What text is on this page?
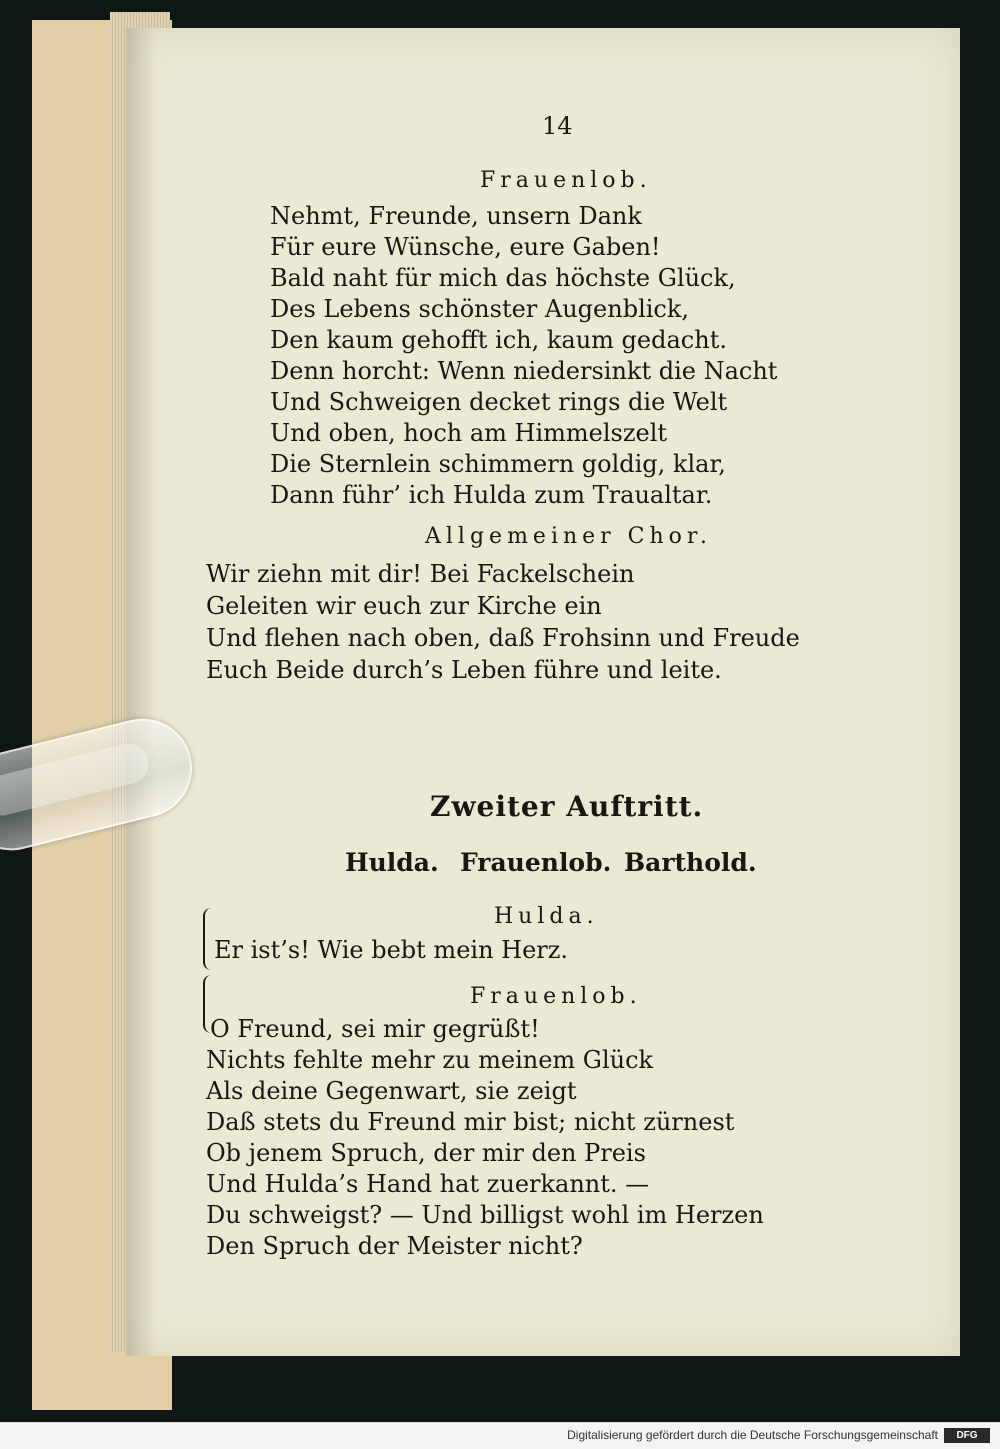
14
Frauenlob.
Nehmt, Freunde, unsern Dank
Für eure Wünsche, eure Gaben!
Bald naht für mich das höchste Glück,
Des Lebens schönster Augenblick,
Den kaum gehofft ich, kaum gedacht.
Denn horcht: Wenn niedersinkt die Nacht
Und Schweigen decket rings die Welt
Und oben, hoch am Himmelszelt
Die Sternlein schimmern goldig, klar,
Dann führ’ ich Hulda zum Traualtar.
Allgemeiner Chor.
Wir ziehn mit dir! Bei Fackelschein
Geleiten wir euch zur Kirche ein
Und flehen nach oben, daß Frohsinn und Freude
Euch Beide durch’s Leben führe und leite.
Zweiter Auftritt.
Hulda. Frauenlob. Barthold.
Hulda.
Er ist’s! Wie bebt mein Herz.
Frauenlob.
O Freund, sei mir gegrüßt!
Nichts fehlte mehr zu meinem Glück
Als deine Gegenwart, sie zeigt
Daß stets du Freund mir bist; nicht zürnest
Ob jenem Spruch, der mir den Preis
Und Hulda’s Hand hat zuerkannt. —
Du schweigst? — Und billigst wohl im Herzen
Den Spruch der Meister nicht?
Digitalisierung gefördert durch die Deutsche Forschungsgemeinschaft	DFG
